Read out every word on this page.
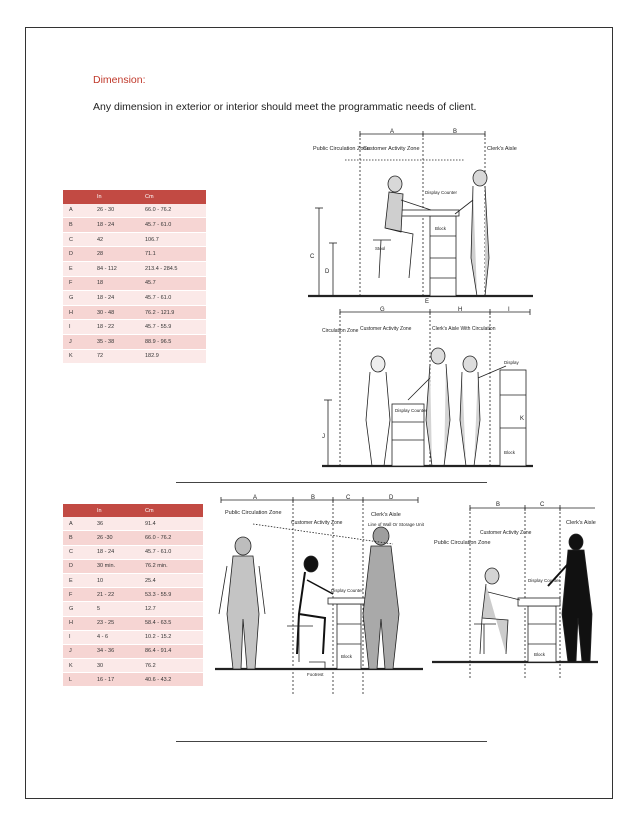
Dimension:
Any dimension in exterior or interior should meet the programmatic needs of client.
	In	Cm
A	26 - 30	66.0 - 76.2
B	18 - 24	45.7 - 61.0
C	42	106.7
D	28	71.1
E	84 - 112	213.4 - 284.5
F	18	45.7
G	18 - 24	45.7 - 61.0
H	30 - 48	76.2 - 121.9
I	18 - 22	45.7 - 55.9
J	35 - 38	88.9 - 96.5
K	72	182.9
A	B
C
D
E
Public Circulation Zone
Customer Activity Zone	Clerk's Aisle
Display Counter
Block
Stool
G	H	I
J
K
Circulation Zone Customer Activity Zone	Clerk's Aisle With Circulation
Display
Display Counter
Block
	In	Cm
A	36	91.4
B	26 -30	66.0 - 76.2
C	18 - 24	45.7 - 61.0
D	30 min.	76.2 min.
E	10	25.4
F	21 - 22	53.3 - 55.9
G	5	12.7
H	23 - 25	58.4 - 63.5
I	4 - 6	10.2 - 15.2
J	34 - 36	86.4 - 91.4
K	30	76.2
L	16 - 17	40.6 - 43.2
A	B	C	D
Public Circulation Zone
Customer Activity Zone
Clerk's Aisle
Line of Wall Or Storage Unit
Display Counter
Footrest
Block
B	C
Public Circulation Zone
Customer Activity Zone
Clerk's Aisle
Display Counter
Block
